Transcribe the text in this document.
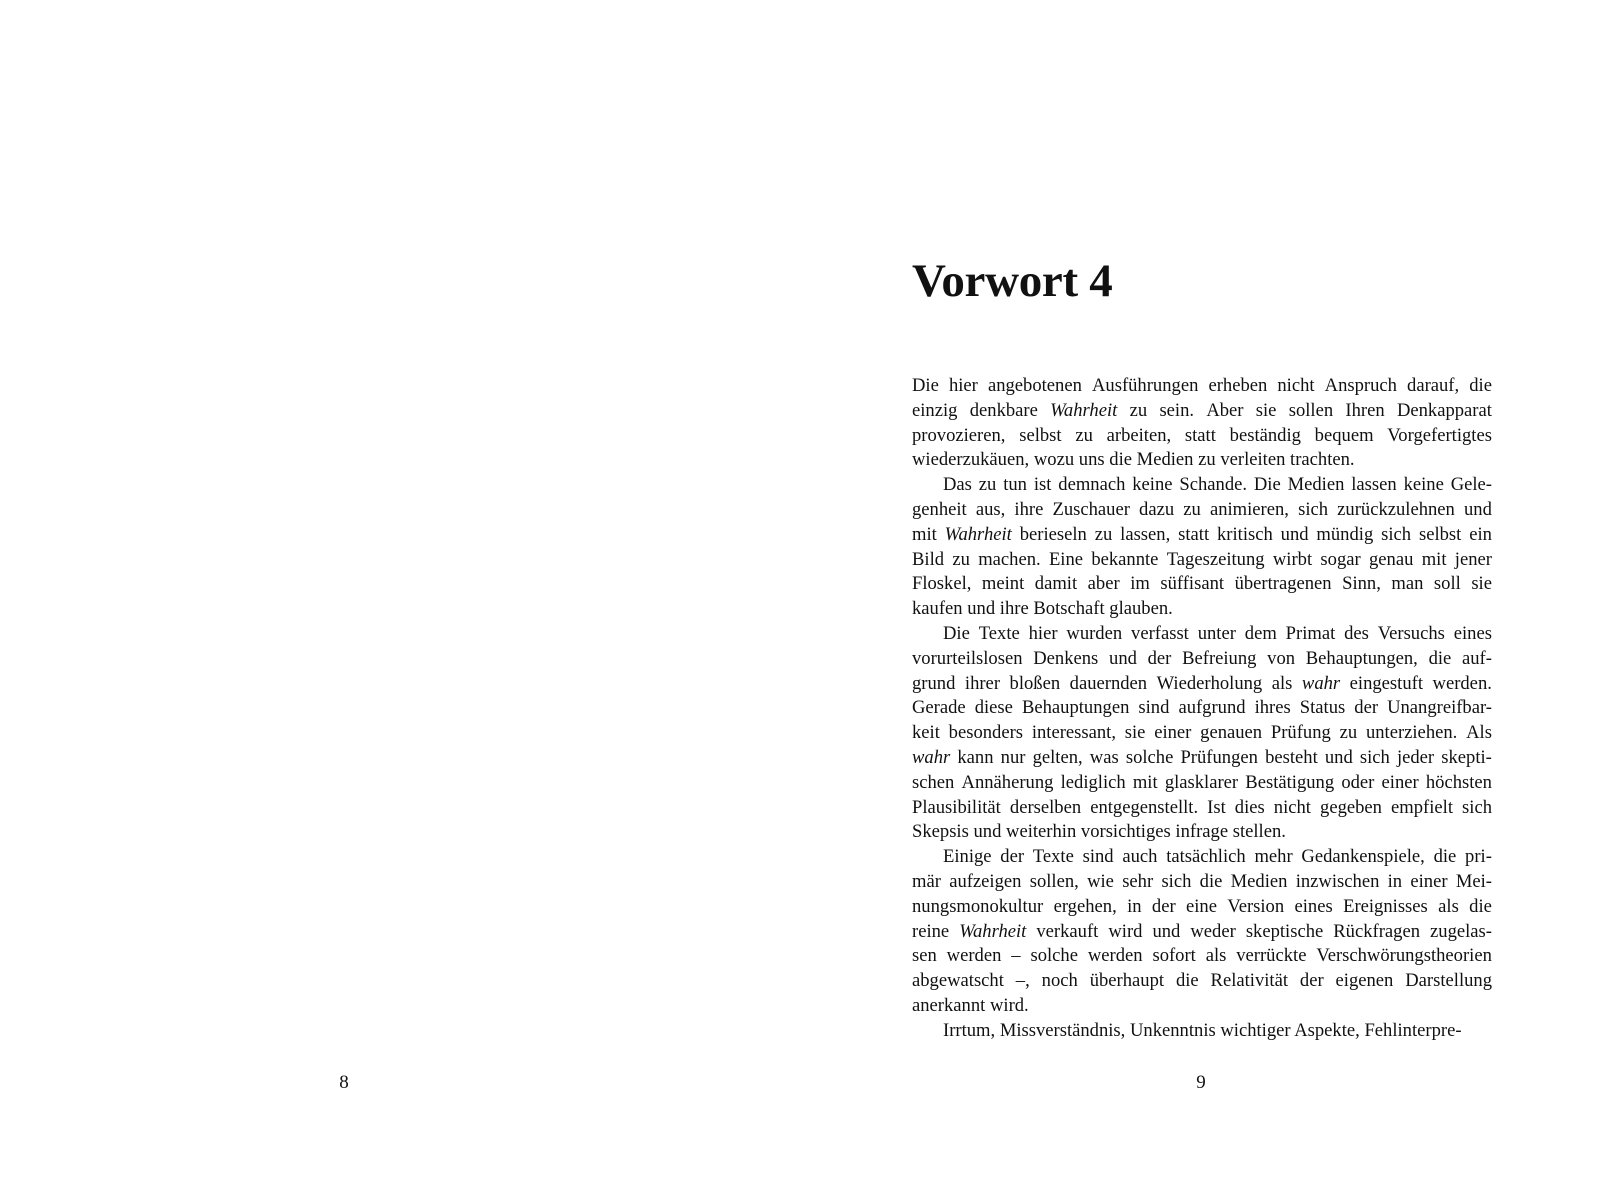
8
Vorwort 4
Die hier angebotenen Ausführungen erheben nicht Anspruch darauf, die
einzig denkbare Wahrheit zu sein. Aber sie sollen Ihren Denkapparat
provozieren, selbst zu arbeiten, statt beständig bequem Vorgefertigtes
wiederzukäuen, wozu uns die Medien zu verleiten trachten.
Das zu tun ist demnach keine Schande. Die Medien lassen keine Gele-
genheit aus, ihre Zuschauer dazu zu animieren, sich zurückzulehnen und
mit Wahrheit berieseln zu lassen, statt kritisch und mündig sich selbst ein
Bild zu machen. Eine bekannte Tageszeitung wirbt sogar genau mit jener
Floskel, meint damit aber im süffisant übertragenen Sinn, man soll sie
kaufen und ihre Botschaft glauben.
Die Texte hier wurden verfasst unter dem Primat des Versuchs eines
vorurteilslosen Denkens und der Befreiung von Behauptungen, die auf-
grund ihrer bloßen dauernden Wiederholung als wahr eingestuft werden.
Gerade diese Behauptungen sind aufgrund ihres Status der Unangreifbar-
keit besonders interessant, sie einer genauen Prüfung zu unterziehen. Als
wahr kann nur gelten, was solche Prüfungen besteht und sich jeder skepti-
schen Annäherung lediglich mit glasklarer Bestätigung oder einer höchsten
Plausibilität derselben entgegenstellt. Ist dies nicht gegeben empfielt sich
Skepsis und weiterhin vorsichtiges infrage stellen.
Einige der Texte sind auch tatsächlich mehr Gedankenspiele, die pri-
mär aufzeigen sollen, wie sehr sich die Medien inzwischen in einer Mei-
nungsmonokultur ergehen, in der eine Version eines Ereignisses als die
reine Wahrheit verkauft wird und weder skeptische Rückfragen zugelas-
sen werden – solche werden sofort als verrückte Verschwörungstheorien
abgewatscht –, noch überhaupt die Relativität der eigenen Darstellung
anerkannt wird.
Irrtum, Missverständnis, Unkenntnis wichtiger Aspekte, Fehlinterpre-
9
